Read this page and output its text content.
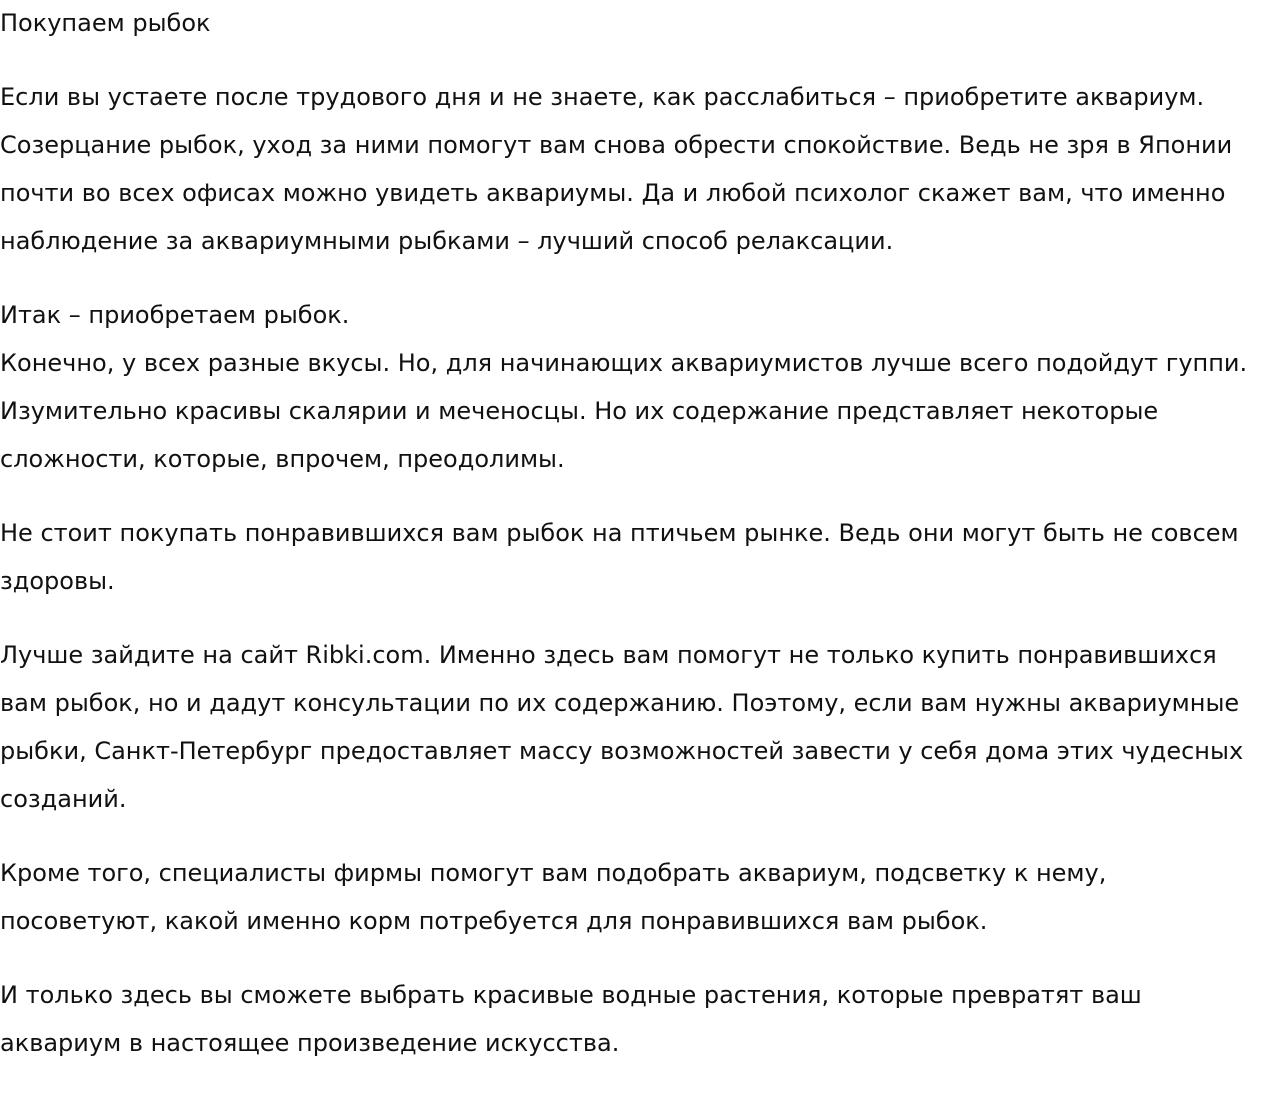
Покупаем рыбок

Если вы устаете после трудового дня и не знаете, как расслабиться – приобретите аквариум.
Созерцание рыбок, уход за ними помогут вам снова обрести спокойствие. Ведь не зря в Японии почти во всех офисах можно увидеть аквариумы. Да и любой психолог скажет вам, что именно наблюдение за аквариумными рыбками – лучший способ релаксации.

Итак – приобретаем рыбок.
Конечно, у всех разные вкусы. Но, для начинающих аквариумистов лучше всего подойдут гуппи. Изумительно красивы скалярии и меченосцы. Но их содержание представляет некоторые сложности, которые, впрочем, преодолимы.

Не стоит покупать понравившихся вам рыбок на птичьем рынке. Ведь они могут быть не совсем здоровы.

Лучше зайдите на сайт Ribki.com. Именно здесь вам помогут не только купить понравившихся вам рыбок, но и дадут консультации по их содержанию. Поэтому, если вам нужны аквариумные рыбки, Санкт-Петербург предоставляет массу возможностей завести у себя дома этих чудесных созданий.

Кроме того, специалисты фирмы помогут вам подобрать аквариум, подсветку к нему, посоветуют, какой именно корм потребуется для понравившихся вам рыбок.

И только здесь вы сможете выбрать красивые водные растения, которые превратят ваш аквариум в настоящее произведение искусства.
